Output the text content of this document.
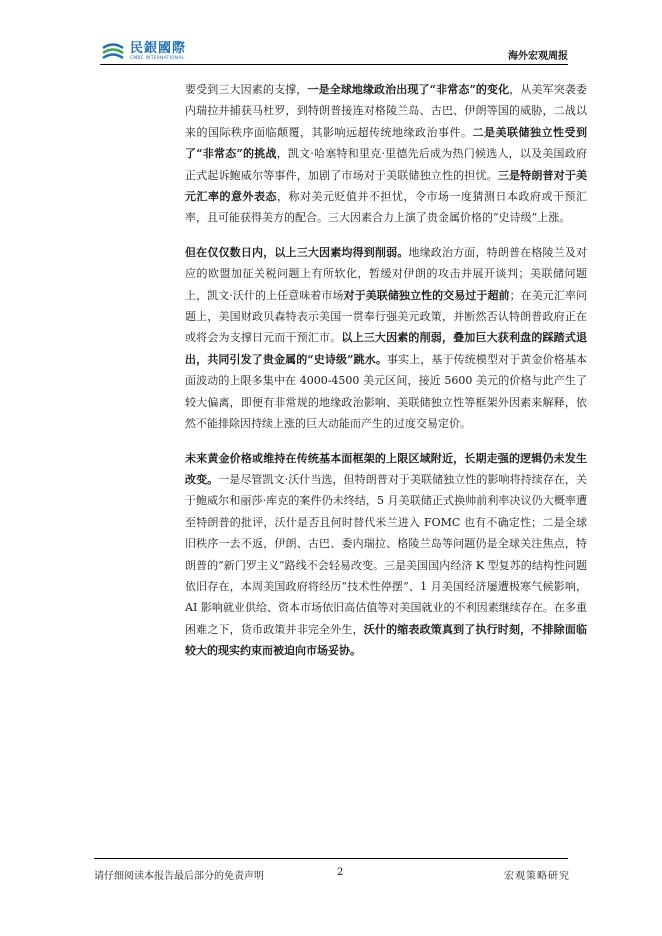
民銀國際
CMBC INTERNATIONAL	海外宏观周报

要受到三大因素的支撑，一是全球地缘政治出现了“非常态”的变化，从美军突袭委内瑞拉并捕获马杜罗，到特朗普接连对格陵兰岛、古巴、伊朗等国的威胁，二战以来的国际秩序面临颠覆，其影响远超传统地缘政治事件。二是美联储独立性受到了“非常态”的挑战，凯文·哈塞特和里克·里德先后成为热门候选人，以及美国政府正式起诉鲍威尔等事件，加剧了市场对于美联储独立性的担忧。三是特朗普对于美元汇率的意外表态，称对美元贬值并不担忧，令市场一度猜测日本政府或干预汇率，且可能获得美方的配合。三大因素合力上演了贵金属价格的“史诗级”上涨。

但在仅仅数日内，以上三大因素均得到削弱。地缘政治方面，特朗普在格陵兰及对应的欧盟加征关税问题上有所软化，暂缓对伊朗的攻击并展开谈判；美联储问题上，凯文·沃什的上任意味着市场对于美联储独立性的交易过于超前；在美元汇率问题上，美国财政贝森特表示美国一贯奉行强美元政策，并断然否认特朗普政府正在或将会为支撑日元而干预汇市。以上三大因素的削弱，叠加巨大获利盘的踩踏式退出，共同引发了贵金属的“史诗级”跳水。事实上，基于传统模型对于黄金价格基本面波动的上限多集中在 4000-4500 美元区间，接近 5600 美元的价格与此产生了较大偏离，即便有非常规的地缘政治影响、美联储独立性等框架外因素来解释，依然不能排除因持续上涨的巨大动能而产生的过度交易定价。

未来黄金价格或维持在传统基本面框架的上限区域附近，长期走强的逻辑仍未发生改变。一是尽管凯文·沃什当选，但特朗普对于美联储独立性的影响将持续存在，关于鲍威尔和丽莎·库克的案件仍未终结，5 月美联储正式换帅前利率决议仍大概率遭至特朗普的批评，沃什是否且何时替代米兰进入 FOMC 也有不确定性；二是全球旧秩序一去不返，伊朗、古巴、委内瑞拉、格陵兰岛等问题仍是全球关注焦点，特朗普的“新门罗主义”路线不会轻易改变。三是美国国内经济 K 型复苏的结构性问题依旧存在，本周美国政府将经历“技术性停摆”、1 月美国经济屡遭极寒气候影响，AI 影响就业供给、资本市场依旧高估值等对美国就业的不利因素继续存在。在多重困难之下，货币政策并非完全外生，沃什的缩表政策真到了执行时刻，不排除面临较大的现实约束而被迫向市场妥协。

请仔细阅读本报告最后部分的免责声明	2	宏观策略研究
